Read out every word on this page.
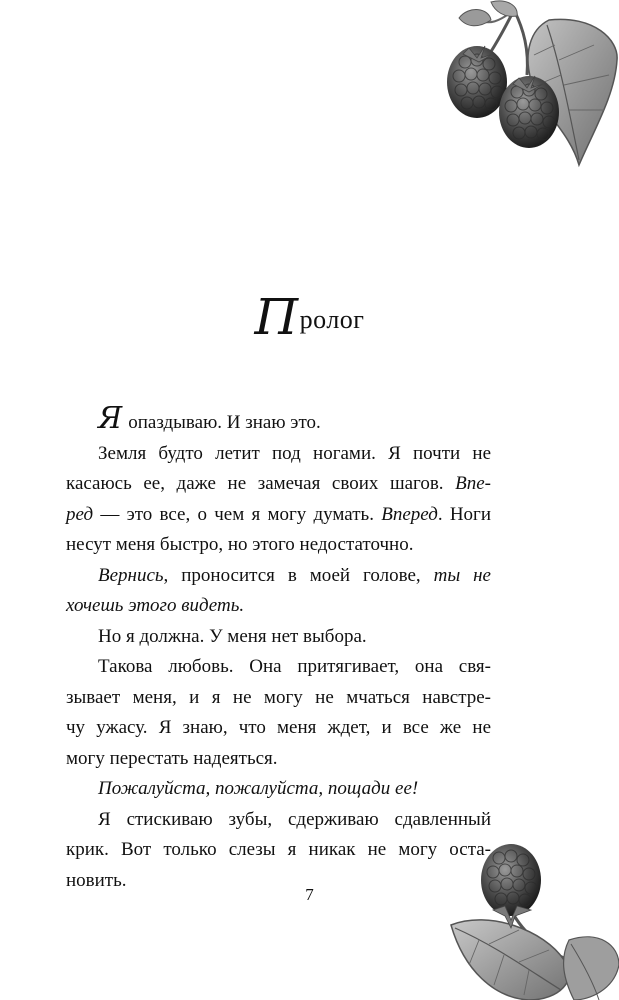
Пролог

Яопаздываю. И знаю это.

Земля будто летит под ногами. Я почти не
касаюсь ее, даже не замечая своих шагов. Впе-
ред — это все, о чем я могу думать. Вперед. Ноги
несут меня быстро, но этого недостаточно.

Вернись, проносится в моей голове, ты не
хочешь этого видеть.

Но я должна. У меня нет выбора.

Такова любовь. Она притягивает, она свя-
зывает меня, и я не могу не мчаться навстре-
чу ужасу. Я знаю, что меня ждет, и все же не
могу перестать надеяться.

Пожалуйста, пожалуйста, пощади ее!

Я стискиваю зубы, сдерживаю сдавленный
крик. Вот только слезы я никак не могу оста-
новить.

7
